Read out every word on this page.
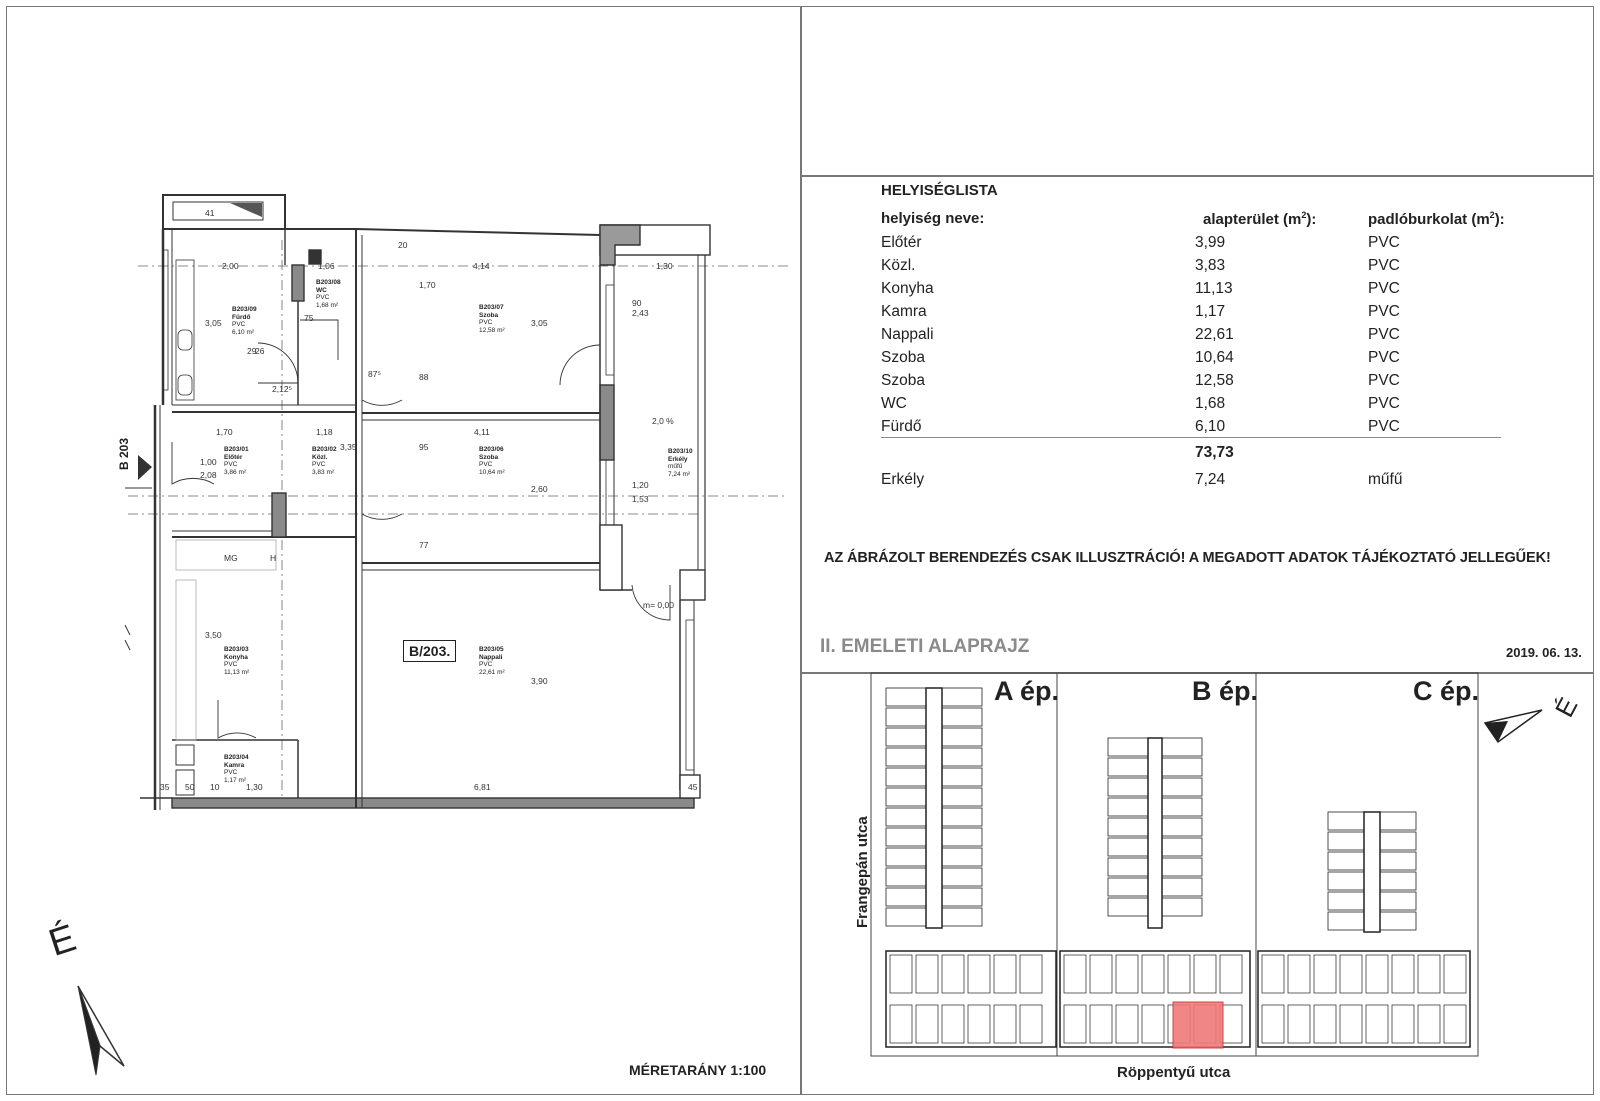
B203/09
Fürdő
PVC
6,10 m²
B203/08
WC
PVC
1,68 m²	B203/07
Szoba
PVC
12,58 m²
B203/01
Előtér
PVC
3,86 m²
B203/02
Közl.
PVC
3,83 m²
B203/06
Szoba
PVC
10,64 m²
B203/10
Erkély
műfű
7,24 m²
B203/03
Konyha
PVC
11,13 m²
B203/05
Nappali
PVC
22,61 m²
B203/04
Kamra
PVC
1,17 m²
2,00	1,06	4,14	1,30
1,70	1,18	4,11
6,81
1,30
3,05	3,05
1,70
3,35
2,60
3,50
3,90
2,12⁵
87⁵
2,43
1,53
1,00
2,08
90
1,20
35 50 10	45
75
41
20
88
95
77
26
29
MG	H
m= 0,00
2,0 %
B/203.
B 203
É
MÉRETARÁNY 1:100
HELYISÉGLISTA
helyiség neve:	alapterület $(m^2)$:	padlóburkolat $(m^2)$:
Előtér	3,99	PVC
Közl.	3,83	PVC
Konyha	11,13	PVC
Kamra	1,17	PVC
Nappali	22,61	PVC
Szoba	10,64	PVC
Szoba	12,58	PVC
WC	1,68	PVC
Fürdő	6,10	PVC
73,73
Erkély	7,24	műfű
AZ ÁBRÁZOLT BERENDEZÉS CSAK ILLUSZTRÁCIÓ! A MEGADOTT ADATOK TÁJÉKOZTATÓ JELLEGŰEK!
II. EMELETI ALAPRAJZ	2019. 06. 13.
A ép.	B ép.	C ép.
Frangepán utca
Röppentyű utca
É
